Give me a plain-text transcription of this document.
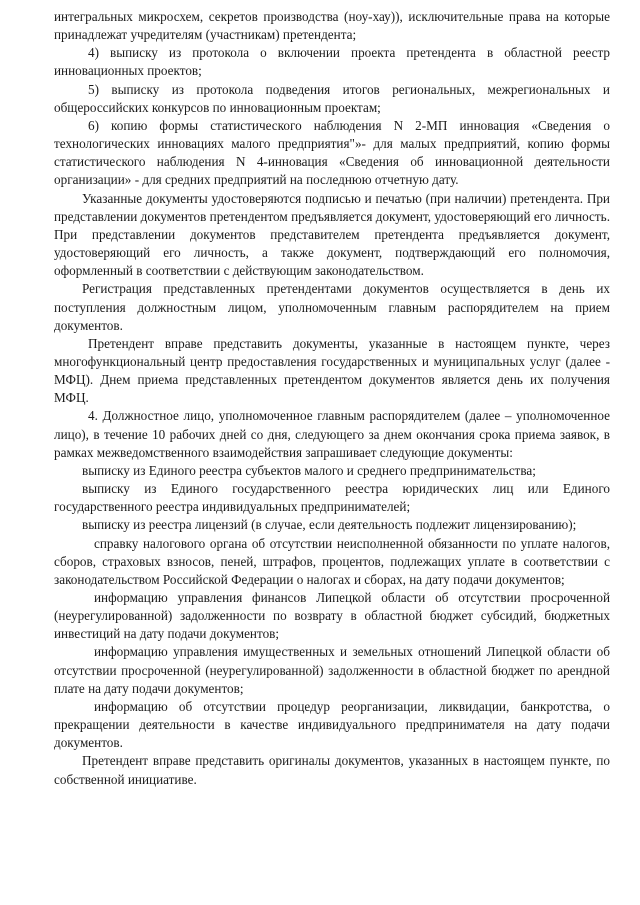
интегральных микросхем, секретов производства (ноу-хау)), исключительные права на которые принадлежат учредителям (участникам) претендента;

4) выписку из протокола о включении проекта претендента в областной реестр инновационных проектов;

5) выписку из протокола подведения итогов региональных, межрегиональных и общероссийских конкурсов по инновационным проектам;

6) копию формы статистического наблюдения N 2-МП инновация «Сведения о технологических инновациях малого предприятия"»- для малых предприятий, копию формы статистического наблюдения N 4-инновация «Сведения об инновационной деятельности организации» - для средних предприятий на последнюю отчетную дату.

Указанные документы удостоверяются подписью и печатью (при наличии) претендента. При представлении документов претендентом предъявляется документ, удостоверяющий его личность. При представлении документов представителем претендента предъявляется документ, удостоверяющий его личность, а также документ, подтверждающий его полномочия, оформленный в соответствии с действующим законодательством.

Регистрация представленных претендентами документов осуществляется в день их поступления должностным лицом, уполномоченным главным распорядителем на прием документов.

Претендент вправе представить документы, указанные в настоящем пункте, через многофункциональный центр предоставления государственных и муниципальных услуг (далее - МФЦ). Днем приема представленных претендентом документов является день их получения МФЦ.

4. Должностное лицо, уполномоченное главным распорядителем (далее – уполномоченное лицо), в течение 10 рабочих дней со дня, следующего за днем окончания срока приема заявок, в рамках межведомственного взаимодействия запрашивает следующие документы:

выписку из Единого реестра субъектов малого и среднего предпринимательства;

выписку из Единого государственного реестра юридических лиц или Единого государственного реестра индивидуальных предпринимателей;

выписку из реестра лицензий (в случае, если деятельность подлежит лицензированию);

справку налогового органа об отсутствии неисполненной обязанности по уплате налогов, сборов, страховых взносов, пеней, штрафов, процентов, подлежащих уплате в соответствии с законодательством Российской Федерации о налогах и сборах, на дату подачи документов;

информацию управления финансов Липецкой области об отсутствии просроченной (неурегулированной) задолженности по возврату в областной бюджет субсидий, бюджетных инвестиций на дату подачи документов;

информацию управления имущественных и земельных отношений Липецкой области об отсутствии просроченной (неурегулированной) задолженности в областной бюджет по арендной плате на дату подачи документов;

информацию об отсутствии процедур реорганизации, ликвидации, банкротства, о прекращении деятельности в качестве индивидуального предпринимателя на дату подачи документов.

Претендент вправе представить оригиналы документов, указанных в настоящем пункте, по собственной инициативе.
